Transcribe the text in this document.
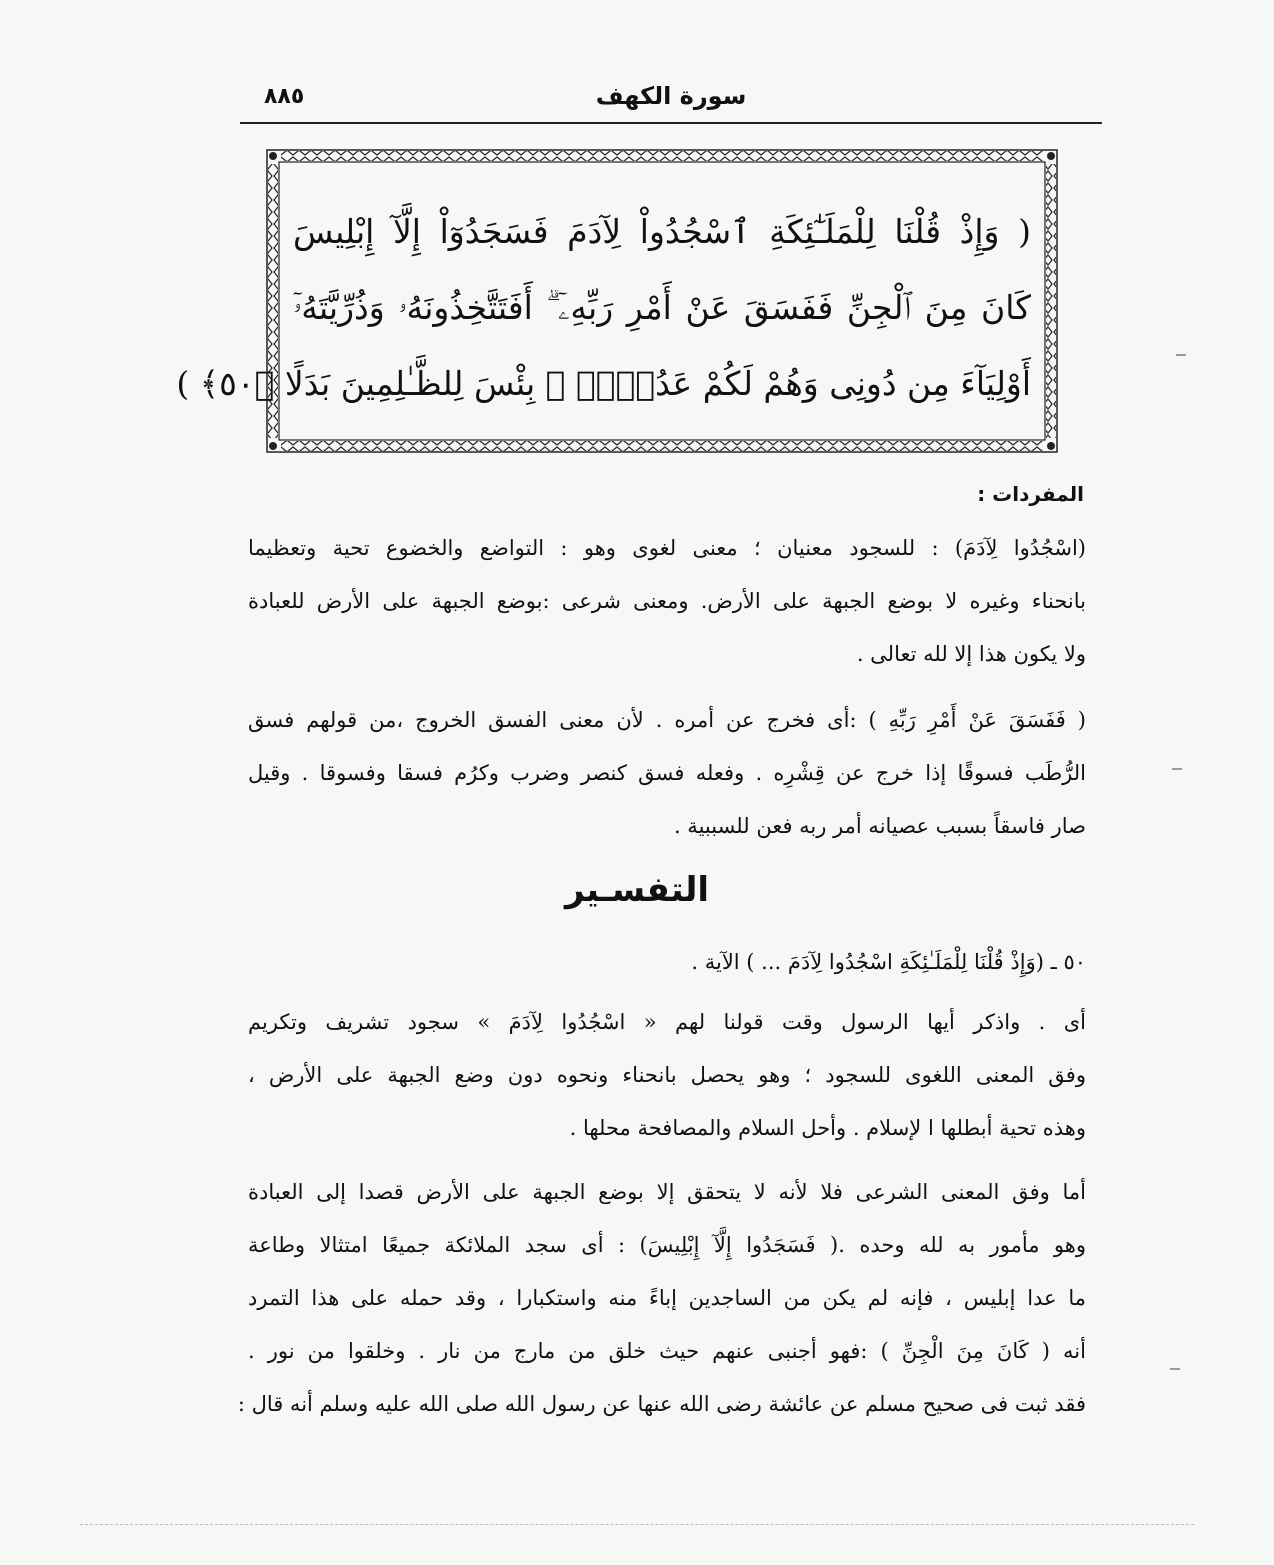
سورة الكهف
٨٨٥
( وَإِذْ قُلْنَا لِلْمَلَـٰٓئِكَةِ ٱسْجُدُواْ لِآدَمَ فَسَجَدُوٓاْ إِلَّآ إِبْلِيسَ
كَانَ مِنَ ٱلْجِنِّ فَفَسَقَ عَنْ أَمْرِ رَبِّهِۦٓ ۗ أَفَتَتَّخِذُونَهُۥ وَذُرِّيَّتَهُۥٓ
أَوْلِيَآءَ مِن دُونِى وَهُمْ لَكُمْ عَدُوٌّۢ ۚ بِئْسَ لِلظَّـٰلِمِينَ بَدَلًا ﴿٥٠﴾ )
المفردات :
(اسْجُدُوا لِآدَمَ) : للسجود معنيان ؛ معنى لغوى وهو : التواضع والخضوع تحية وتعظيما
بانحناء وغيره لا بوضع الجبهة على الأرض. ومعنى شرعى :بوضع الجبهة على الأرض للعبادة
ولا يكون هذا إلا لله تعالى .
( فَفَسَقَ عَنْ أَمْرِ رَبِّهِ ) :أى فخرج عن أمره . لأن معنى الفسق الخروج ،من قولهم فسق
الرُّطَب فسوقًا إذا خرج عن قِشْرِه . وفعله فسق كنصر وضرب وكرُم فسقا وفسوقا . وقيل
صار فاسقاً بسبب عصيانه أمر ربه فعن للسببية .
التفسـير
٥٠ ـ (وَإِذْ قُلْنَا لِلْمَلَـٰئِكَةِ اسْجُدُوا لِآدَمَ ... ) الآية .
أى . واذكر أيها الرسول وقت قولنا لهم « اسْجُدُوا لِآدَمَ » سجود تشريف وتكريم
وفق المعنى اللغوى للسجود ؛ وهو يحصل بانحناء ونحوه دون وضع الجبهة على الأرض ،
وهذه تحية أبطلها ا لإسلام . وأحل السلام والمصافحة محلها .
أما وفق المعنى الشرعى فلا لأنه لا يتحقق إلا بوضع الجبهة على الأرض قصدا إلى العبادة
وهو مأمور به لله وحده .( فَسَجَدُوا إِلَّآ إِبْلِيسَ) : أى سجد الملائكة جميعًا امتثالا وطاعة
ما عدا إبليس ، فإنه لم يكن من الساجدين إباءً منه واستكبارا ، وقد حمله على هذا التمرد
أنه ( كَانَ مِنَ الْجِنِّ ) :فهو أجنبى عنهم حيث خلق من مارج من نار . وخلقوا من نور .
فقد ثبت فى صحيح مسلم عن عائشة رضى الله عنها عن رسول الله صلى الله عليه وسلم أنه قال :
